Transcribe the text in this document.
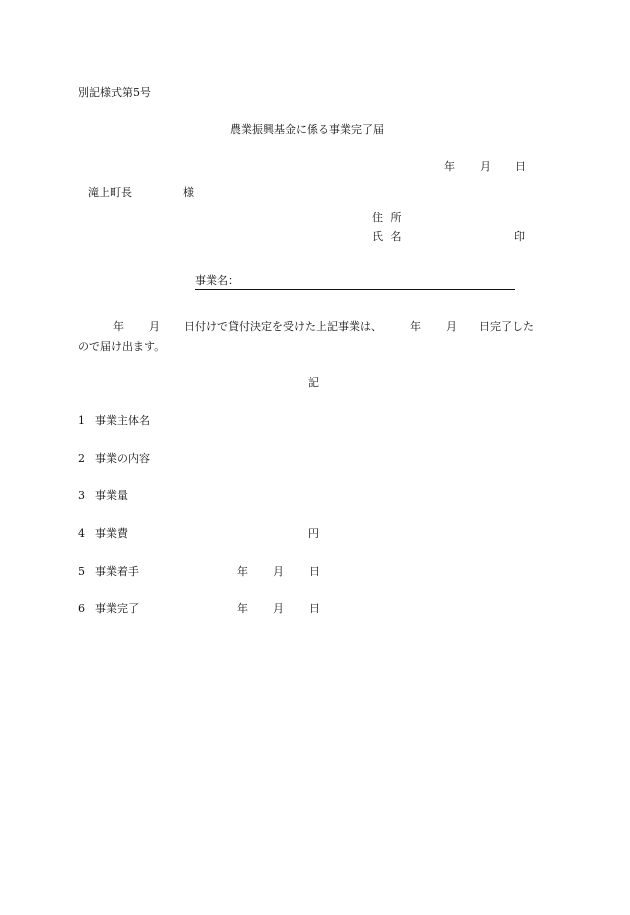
別記様式第5号
農業振興基金に係る事業完了届
年 月 日
滝上町長	様
住 所
氏 名	印
事業名：
年 月 日付けで貸付決定を受けた上記事業は、	年 月 日完了した
ので届け出ます。
記
1 事業主体名
2 事業の内容
3 事業量
4 事業費	円
5 事業着手	年 月 日
6 事業完了	年 月 日
